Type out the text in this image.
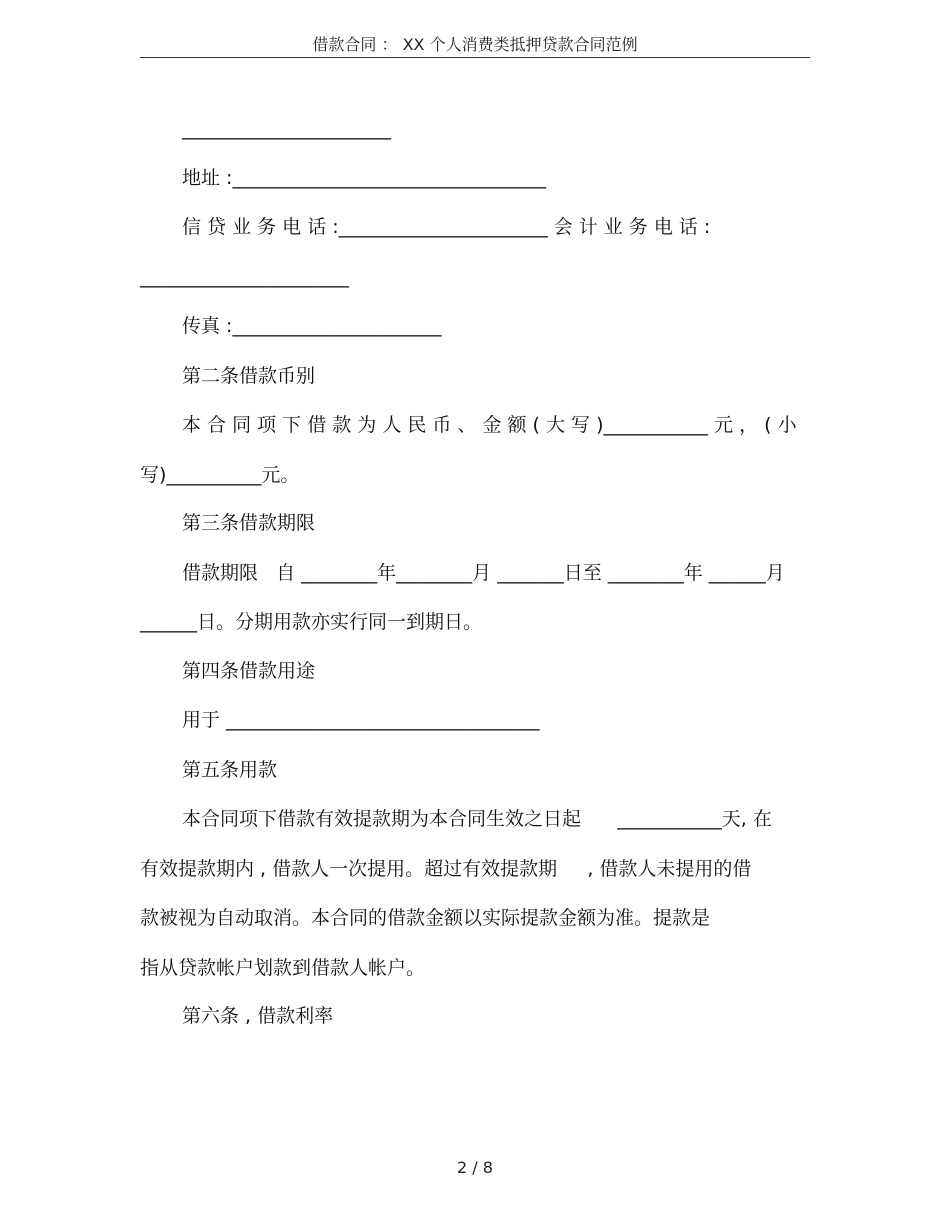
借款合同 ： XX 个人消费类抵押贷款合同范例
______________________
地址 :_________________________________
信 贷 业 务 电 话 :______________________ 会 计 业 务 电 话 :
______________________
传真 :______________________
第二条借款币别
本 合 同 项 下 借 款 为 人 民 币 、 金 额 ( 大 写 )___________ 元 ， ( 小
写)__________元。
第三条借款期限
借款期限   自 ________年________月 _______日至 ________年 ______月
______日。分期用款亦实行同一到期日。
第四条借款用途
用于 _________________________________
第五条用款
本合同项下借款有效提款期为本合同生效之日起      ___________天, 在
有效提款期内 , 借款人一次提用。超过有效提款期     , 借款人未提用的借
款被视为自动取消。本合同的借款金额以实际提款金额为准。提款是
指从贷款帐户划款到借款人帐户。
第六条 , 借款利率
2 / 8
